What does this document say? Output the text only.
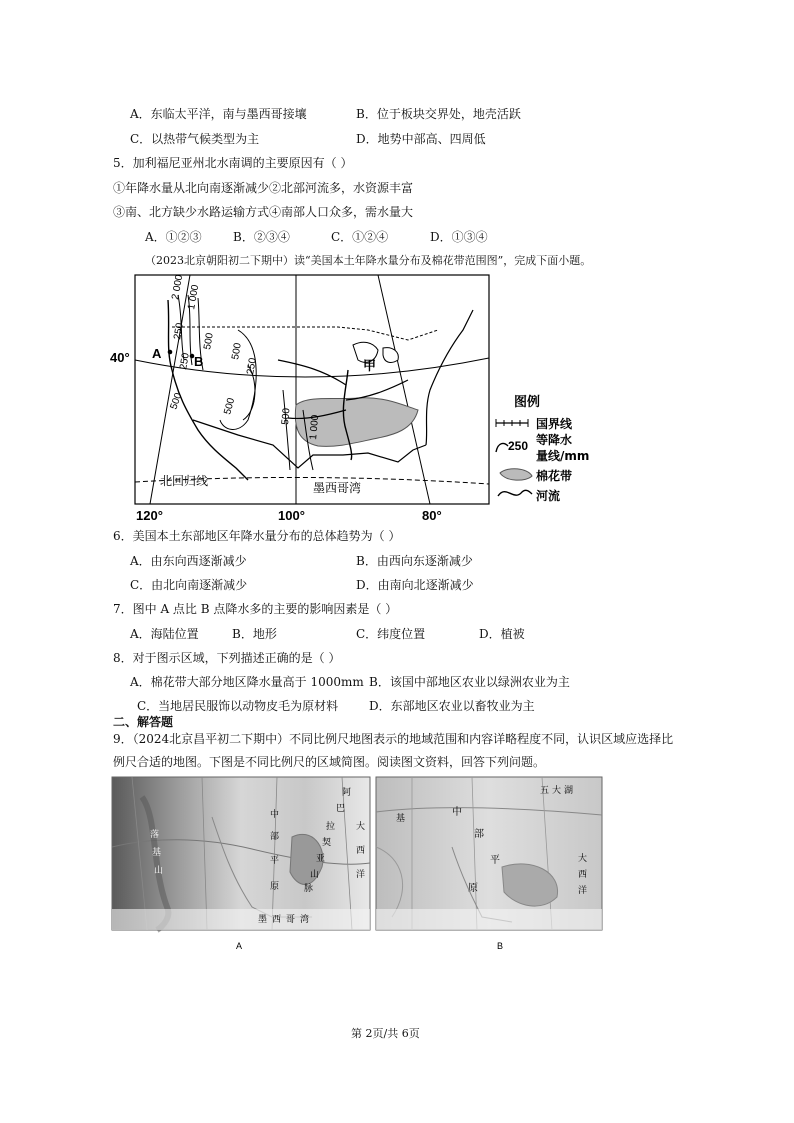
A．东临太平洋，南与墨西哥接壤	B．位于板块交界处，地壳活跃
C．以热带气候类型为主	D．地势中部高、四周低
5．加利福尼亚州北水南调的主要原因有（ ）
①年降水量从北向南逐渐减少②北部河流多，水资源丰富
③南、北方缺少水路运输方式④南部人口众多，需水量大
A．①②③	B．②③④	C．①②④	D．①③④
（2023北京朝阳初二下期中）读“美国本土年降水量分布及棉花带范围图”，完成下面小题。
A
B	甲
40°
120°	100°	80°
北回归线	墨西哥湾
2 000 1 000
500
250	250
500
500
500 1 000
250
500	图例
国界线
250 等降水
量线/mm
棉花带
河流
6．美国本土东部地区年降水量分布的总体趋势为（ ）
A．由东向西逐渐减少	B．由西向东逐渐减少
C．由北向南逐渐减少	D．由南向北逐渐减少
7．图中 A 点比 B 点降水多的主要的影响因素是（ ）
A．海陆位置	B．地形	C．纬度位置	D．植被
8．对于图示区域，下列描述正确的是（ ）
A．棉花带大部分地区降水量高于 1000mm B．该国中部地区农业以绿洲农业为主
C．当地居民服饰以动物皮毛为原材料	D．东部地区农业以畜牧业为主
二、解答题
9．（2024北京昌平初二下期中）不同比例尺地图表示的地域范围和内容详略程度不同，认识区域应选择比
例尺合适的地图。下图是不同比例尺的区域简图。阅读图文资料，回答下列问题。
阿
巴
拉
契
亚
山
脉
中
大
西
洋
平
原
墨 西 哥 湾
落
基
山
部
A
五 大 湖
中
部
平
原
大
西
洋
基
B
第 2页/共 6页
